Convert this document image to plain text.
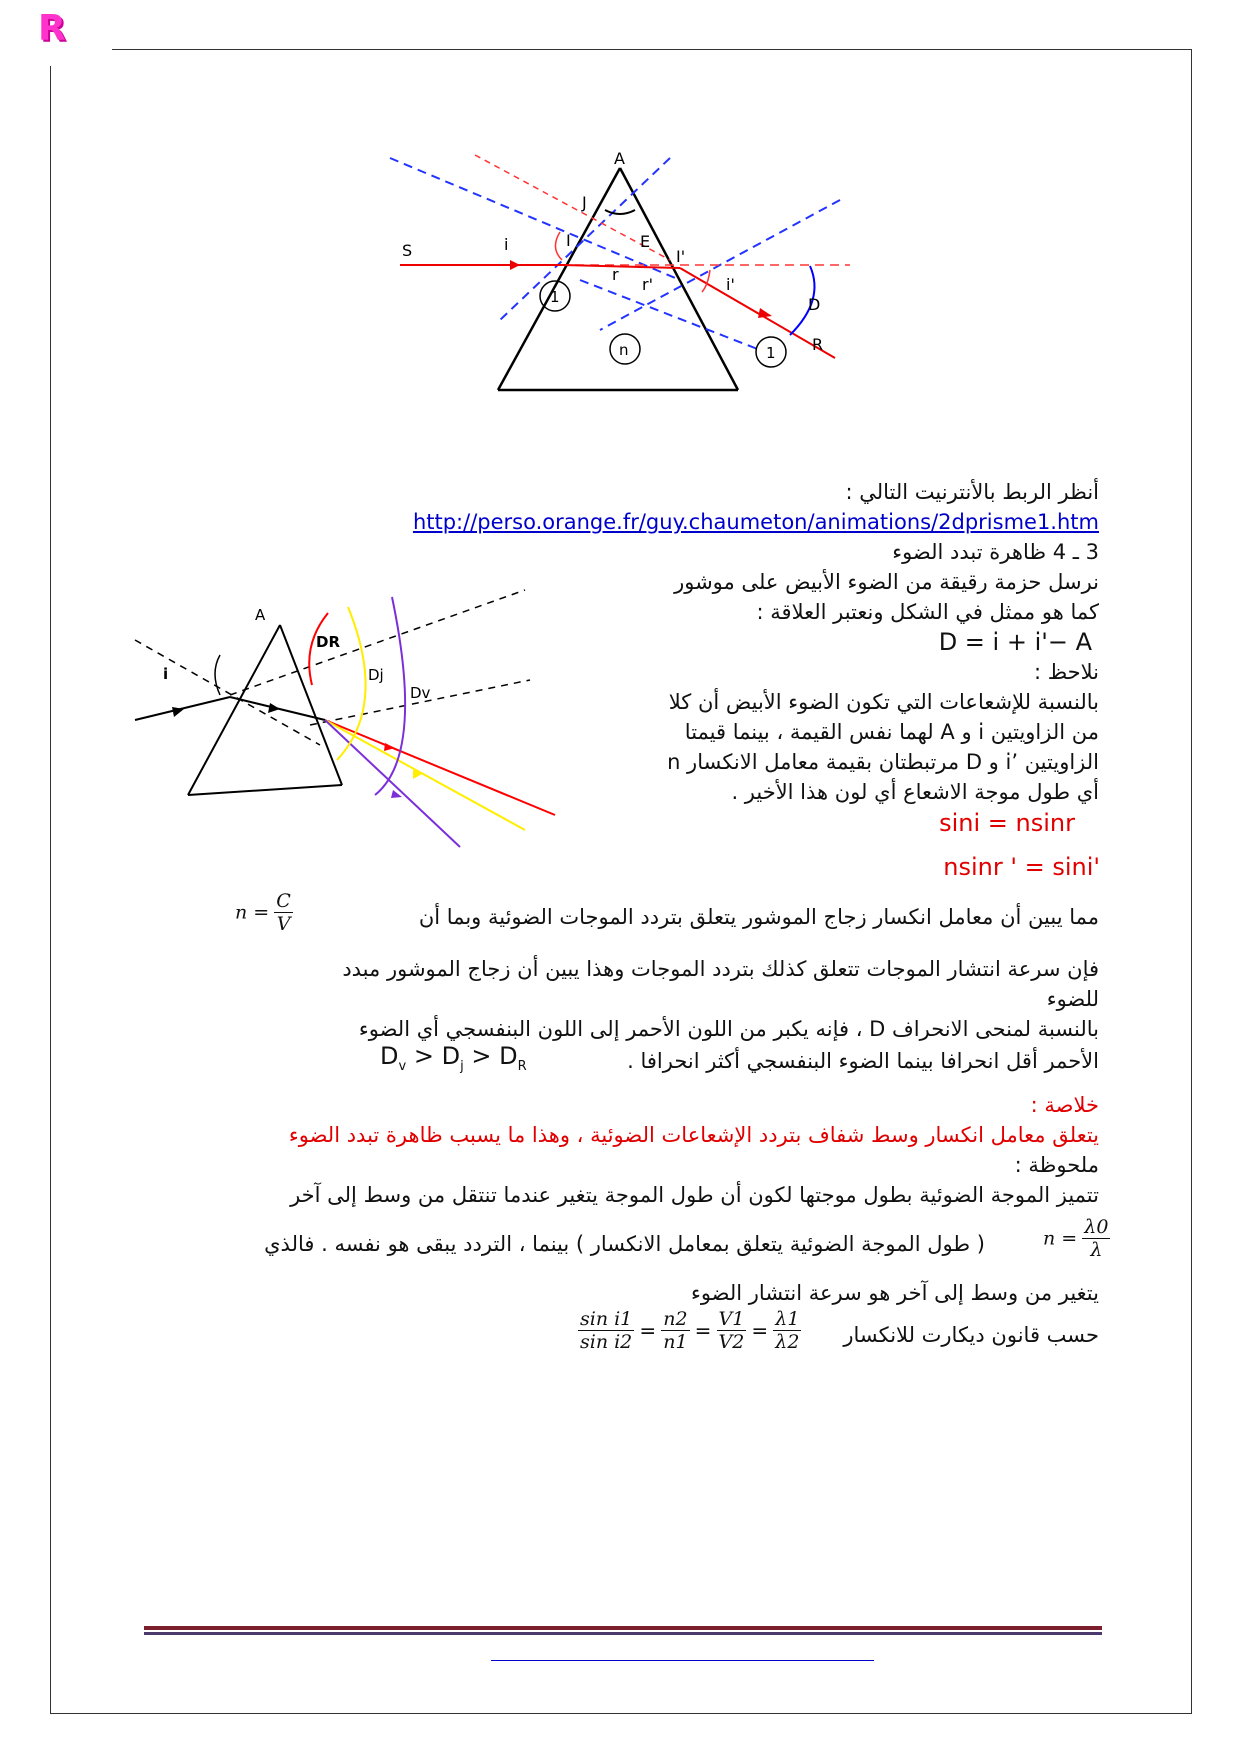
R
A
J
I	E
I'
S	i
r
r'	i'
D
R
1
n	1
A
i
DR
Dj
Dv
أنظر الربط بالأنترنيت التالي :
http://perso.orange.fr/guy.chaumeton/animations/2dprisme1.htm
3 ـ 4 ظاهرة تبدد الضوء
نرسل حزمة رقيقة من الضوء الأبيض على موشور
كما هو ممثل في الشكل ونعتبر العلاقة :
D = i + i'− A
نلاحظ :
بالنسبة للإشعاعات التي تكون الضوء الأبيض أن كلا
من الزاويتين i و A لهما نفس القيمة ، بينما قيمتا
الزاويتين ’i و D مرتبطتان بقيمة معامل الانكسار n
أي طول موجة الاشعاع أي لون هذا الأخير .
sini = nsinr
nsinr ' = sini'
مما يبين أن معامل انكسار زجاج الموشور يتعلق بتردد الموجات الضوئية وبما أن
$n = \frac{C}{V}$
فإن سرعة انتشار الموجات تتعلق كذلك بتردد الموجات وهذا يبين أن زجاج الموشور مبدد
للضوء
بالنسبة لمنحى الانحراف D ، فإنه يكبر من اللون الأحمر إلى اللون البنفسجي أي الضوء
الأحمر أقل انحرافا بينما الضوء البنفسجي أكثر انحرافا .
$D_v > D_j > D_R$
خلاصة :
يتعلق معامل انكسار وسط شفاف بتردد الإشعاعات الضوئية ، وهذا ما يسبب ظاهرة تبدد الضوء
ملحوظة :
تتميز الموجة الضوئية بطول موجتها لكون أن طول الموجة يتغير عندما تنتقل من وسط إلى آخر
( طول الموجة الضوئية يتعلق بمعامل الانكسار ) بينما ، التردد يبقى هو نفسه . فالذي	$n = \frac{\lambda 0}{\lambda}$
يتغير من وسط إلى آخر هو سرعة انتشار الضوء
حسب قانون ديكارت للانكسار
$\frac{\text{sin i1}}{\text{sin i2}} = \frac{n2}{n1} = \frac{V1}{V2} = \frac{\lambda 1}{\lambda 2}$
